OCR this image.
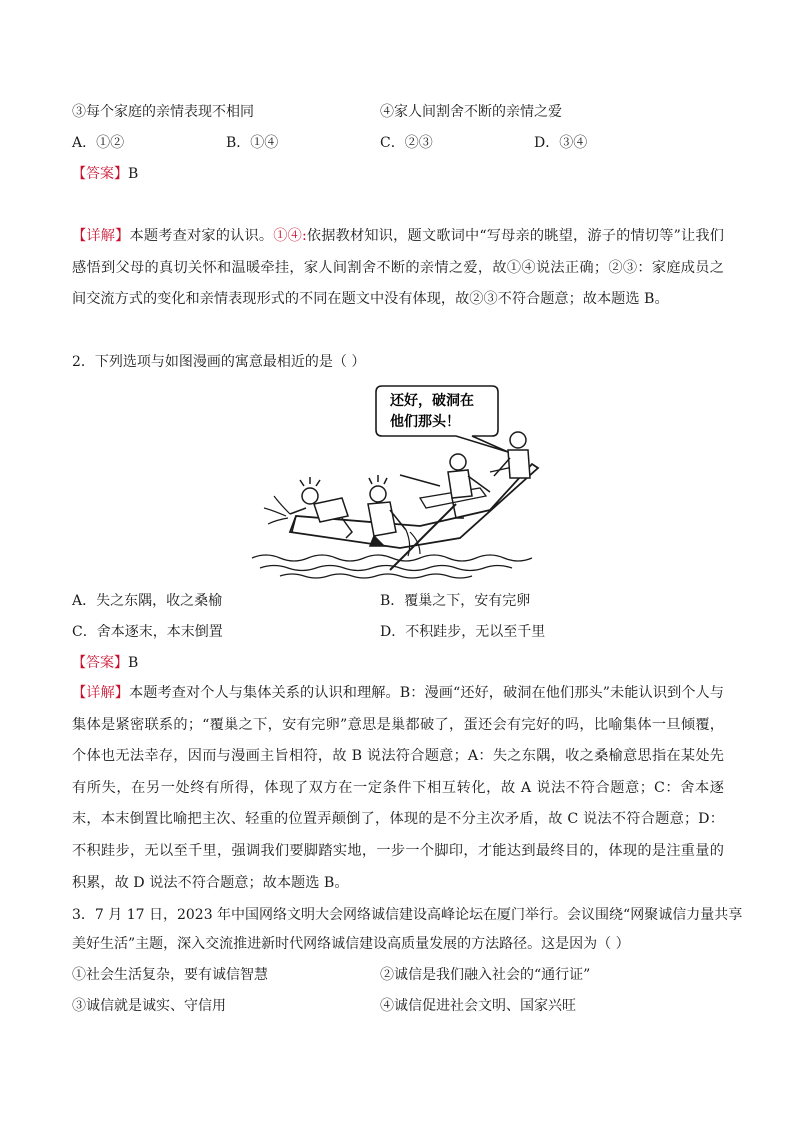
③每个家庭的亲情表现不相同	④家人间割舍不断的亲情之爱
A．①②	B．①④	C．②③	D．③④
【答案】B
【详解】本题考查对家的认识。①④:依据教材知识，题文歌词中“写母亲的眺望，游子的情切等”让我们感悟到父母的真切关怀和温暖牵挂，家人间割舍不断的亲情之爱，故①④说法正确；②③：家庭成员之间交流方式的变化和亲情表现形式的不同在题文中没有体现，故②③不符合题意；故本题选 B。
2．下列选项与如图漫画的寓意最相近的是（ ）
还好，破洞在
他们那头！
A．失之东隅，收之桑榆	B．覆巢之下，安有完卵
C．舍本逐末，本末倒置	D．不积跬步，无以至千里
【答案】B
【详解】本题考查对个人与集体关系的认识和理解。B：漫画“还好，破洞在他们那头”未能认识到个人与集体是紧密联系的；“覆巢之下，安有完卵”意思是巢都破了，蛋还会有完好的吗，比喻集体一旦倾覆，个体也无法幸存，因而与漫画主旨相符，故 B 说法符合题意；A：失之东隅，收之桑榆意思指在某处先有所失，在另一处终有所得，体现了双方在一定条件下相互转化，故 A 说法不符合题意；C：舍本逐末，本末倒置比喻把主次、轻重的位置弄颠倒了，体现的是不分主次矛盾，故 C 说法不符合题意；D：不积跬步，无以至千里，强调我们要脚踏实地，一步一个脚印，才能达到最终目的，体现的是注重量的积累，故 D 说法不符合题意；故本题选 B。
3．7 月 17 日，2023 年中国网络文明大会网络诚信建设高峰论坛在厦门举行。会议围绕“网聚诚信力量共享
美好生活”主题，深入交流推进新时代网络诚信建设高质量发展的方法路径。这是因为（ ）
①社会生活复杂，要有诚信智慧	②诚信是我们融入社会的“通行证”
③诚信就是诚实、守信用	④诚信促进社会文明、国家兴旺
